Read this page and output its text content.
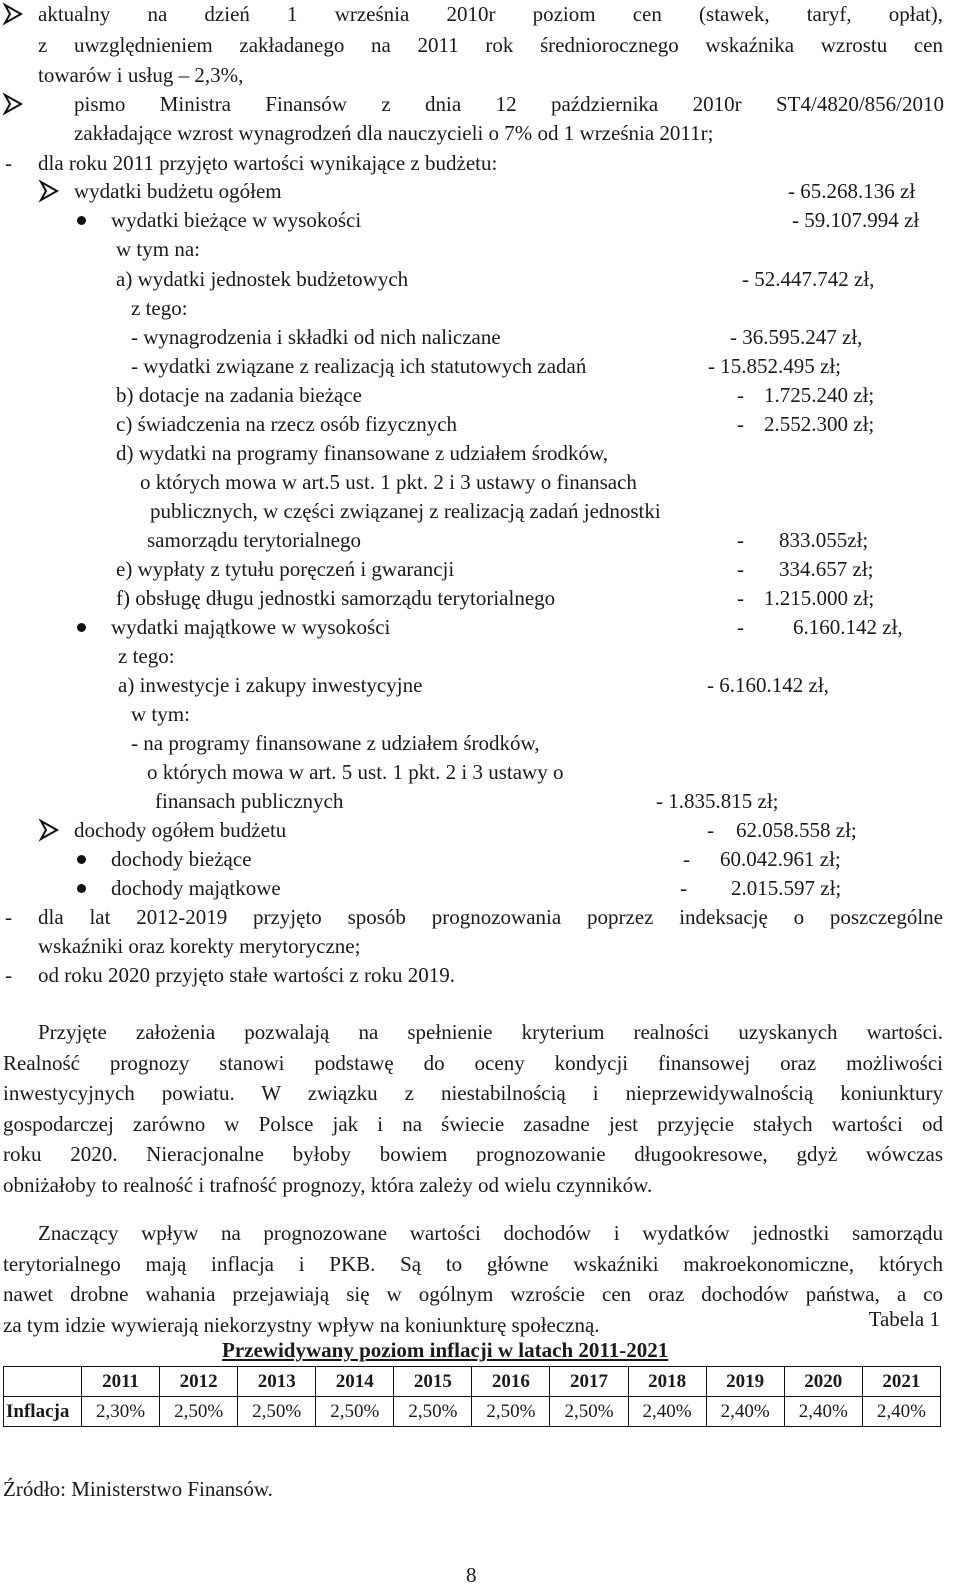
aktualny na dzień 1 września 2010r poziom cen (stawek, taryf, opłat),
z uwzględnieniem zakładanego na 2011 rok średniorocznego wskaźnika wzrostu cen
towarów i usług – 2,3%,
pismo Ministra Finansów z dnia 12 października 2010r ST4/4820/856/2010
zakładające wzrost wynagrodzeń dla nauczycieli o 7% od 1 września 2011r;
- dla roku 2011 przyjęto wartości wynikające z budżetu:
wydatki budżetu ogółem	- 65.268.136 zł
wydatki bieżące w wysokości	- 59.107.994 zł
w tym na:
a) wydatki jednostek budżetowych	- 52.447.742 zł,
z tego:
- wynagrodzenia i składki od nich naliczane	- 36.595.247 zł,
- wydatki związane z realizacją ich statutowych zadań	- 15.852.495 zł;
b) dotacje na zadania bieżące	- 1.725.240 zł;
c) świadczenia na rzecz osób fizycznych	- 2.552.300 zł;
d) wydatki na programy finansowane z udziałem środków,
o których mowa w art.5 ust. 1 pkt. 2 i 3 ustawy o finansach
publicznych, w części związanej z realizacją zadań jednostki
samorządu terytorialnego	- 833.055zł;
e) wypłaty z tytułu poręczeń i gwarancji	- 334.657 zł;
f) obsługę długu jednostki samorządu terytorialnego	- 1.215.000 zł;
wydatki majątkowe w wysokości	- 6.160.142 zł,
z tego:
a) inwestycje i zakupy inwestycyjne	- 6.160.142 zł,
w tym:
- na programy finansowane z udziałem środków,
o których mowa w art. 5 ust. 1 pkt. 2 i 3 ustawy o
finansach publicznych	- 1.835.815 zł;
dochody ogółem budżetu	- 62.058.558 zł;
dochody bieżące	- 60.042.961 zł;
dochody majątkowe	- 2.015.597 zł;
- dla lat 2012-2019 przyjęto sposób prognozowania poprzez indeksację o poszczególne
wskaźniki oraz korekty merytoryczne;
- od roku 2020 przyjęto stałe wartości z roku 2019.
Przyjęte założenia pozwalają na spełnienie kryterium realności uzyskanych wartości.
Realność prognozy stanowi podstawę do oceny kondycji finansowej oraz możliwości
inwestycyjnych powiatu. W związku z niestabilnością i nieprzewidywalnością koniunktury
gospodarczej zarówno w Polsce jak i na świecie zasadne jest przyjęcie stałych wartości od
roku 2020. Nieracjonalne byłoby bowiem prognozowanie długookresowe, gdyż wówczas
obniżałoby to realność i trafność prognozy, która zależy od wielu czynników.
Znaczący wpływ na prognozowane wartości dochodów i wydatków jednostki samorządu
terytorialnego mają inflacja i PKB. Są to główne wskaźniki makroekonomiczne, których
nawet drobne wahania przejawiają się w ogólnym wzroście cen oraz dochodów państwa, a co
za tym idzie wywierają niekorzystny wpływ na koniunkturę społeczną.	Tabela 1
Przewidywany poziom inflacji w latach 2011-2021
	2011	2012	2013	2014	2015	2016	2017	2018	2019	2020	2021
Inflacja	2,30%	2,50%	2,50%	2,50%	2,50%	2,50%	2,50%	2,40%	2,40%	2,40%	2,40%
Źródło: Ministerstwo Finansów.
8
